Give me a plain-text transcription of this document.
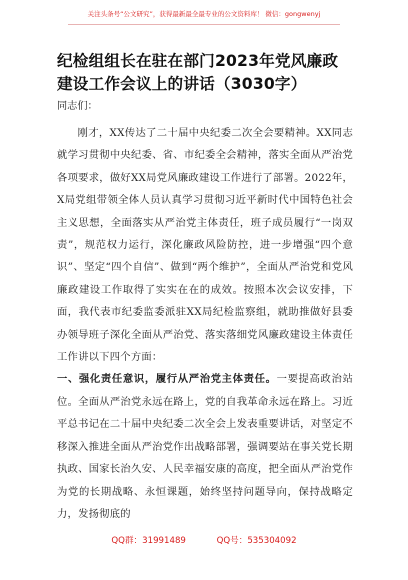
关注头条号“公文研究”，获得最新最全最专业的公文资料库！ 微信：gongwenyj
纪检组组长在驻在部门2023年党风廉政建设工作会议上的讲话（3030字）

同志们：

刚才，XX传达了二十届中央纪委二次全会要精神。XX同志就学习贯彻中央纪委、省、市纪委全会精神，落实全面从严治党各项要求，做好XX局党风廉政建设工作进行了部署。2022年，X局党组带领全体人员认真学习贯彻习近平新时代中国特色社会主义思想，全面落实从严治党主体责任，班子成员履行“一岗双责”，规范权力运行，深化廉政风险防控，进一步增强“四个意识”、坚定“四个自信”、做到“两个维护”，全面从严治党和党风廉政建设工作取得了实实在在的成效。按照本次会议安排，下面，我代表市纪委监委派驻XX局纪检监察组，就助推做好县委办领导班子深化全面从严治党、落实落细党风廉政建设主体责任工作讲以下四个方面：
一、强化责任意识，履行从严治党主体责任。一要提高政治站位。全面从严治党永远在路上，党的自我革命永远在路上。习近平总书记在二十届中央纪委二次全会上发表重要讲话，对坚定不移深入推进全面从严治党作出战略部署，强调要站在事关党长期执政、国家长治久安、人民幸福安康的高度，把全面从严治党作为党的长期战略、永恒课题，始终坚持问题导向，保持战略定力，发扬彻底的
QQ群：31991489	QQ号：535304092
